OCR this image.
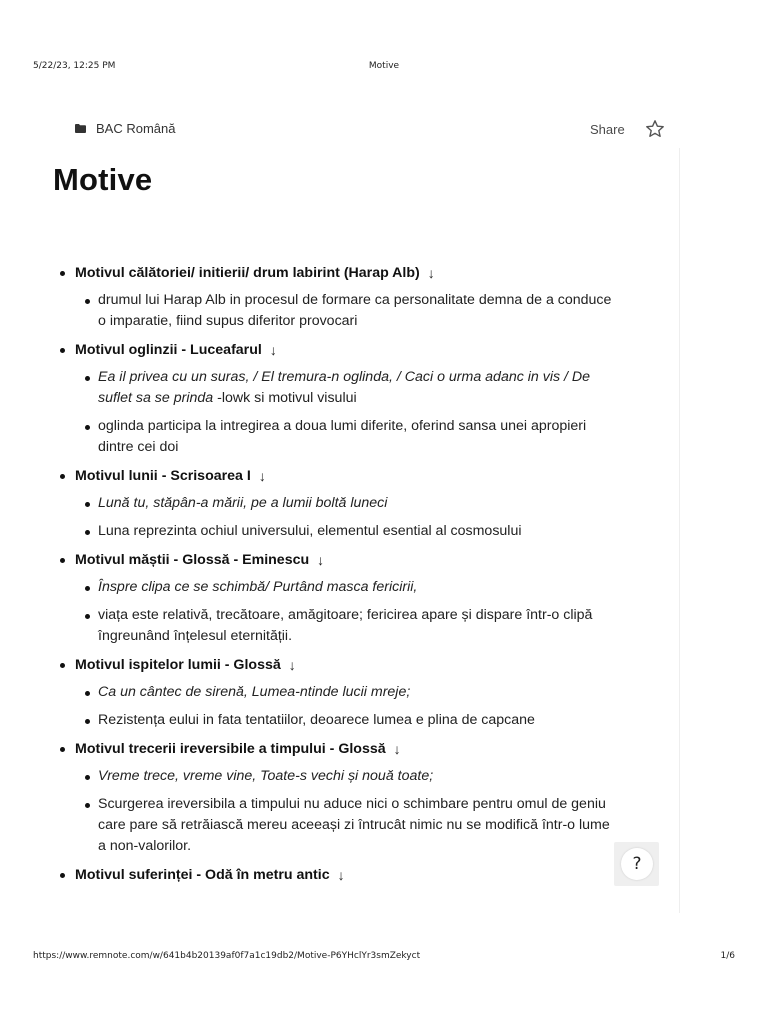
5/22/23, 12:25 PM	Motive
BAC Română	Share
Motive
Motivul călătoriei/ initierii/ drum labirint (Harap Alb) ↓
drumul lui Harap Alb in procesul de formare ca personalitate demna de a conduce o imparatie, fiind supus diferitor provocari
Motivul oglinzii - Luceafarul ↓
Ea il privea cu un suras, / El tremura-n oglinda, / Caci o urma adanc in vis / De suflet sa se prinda -lowk si motivul visului
oglinda participa la intregirea a doua lumi diferite, oferind sansa unei apropieri dintre cei doi
Motivul lunii - Scrisoarea I ↓
Lună tu, stăpân-a mării, pe a lumii boltă luneci
Luna reprezinta ochiul universului, elementul esential al cosmosului
Motivul măștii - Glossă - Eminescu ↓
Înspre clipa ce se schimbă/ Purtând masca fericirii,
viața este relativă, trecătoare, amăgitoare; fericirea apare și dispare într-o clipă îngreunând înțelesul eternității.
Motivul ispitelor lumii - Glossă ↓
Ca un cântec de sirenă, Lumea-ntinde lucii mreje;
Rezistența eului in fata tentatiilor, deoarece lumea e plina de capcane
Motivul trecerii ireversibile a timpului - Glossă ↓
Vreme trece, vreme vine, Toate-s vechi și nouă toate;
Scurgerea ireversibila a timpului nu aduce nici o schimbare pentru omul de geniu care pare să retrăiască mereu aceeași zi întrucât nimic nu se modifică într-o lume a non-valorilor.
Motivul suferinței - Odă în metru antic ↓
?
https://www.remnote.com/w/641b4b20139af0f7a1c19db2/Motive-P6YHclYr3smZekyct	1/6
